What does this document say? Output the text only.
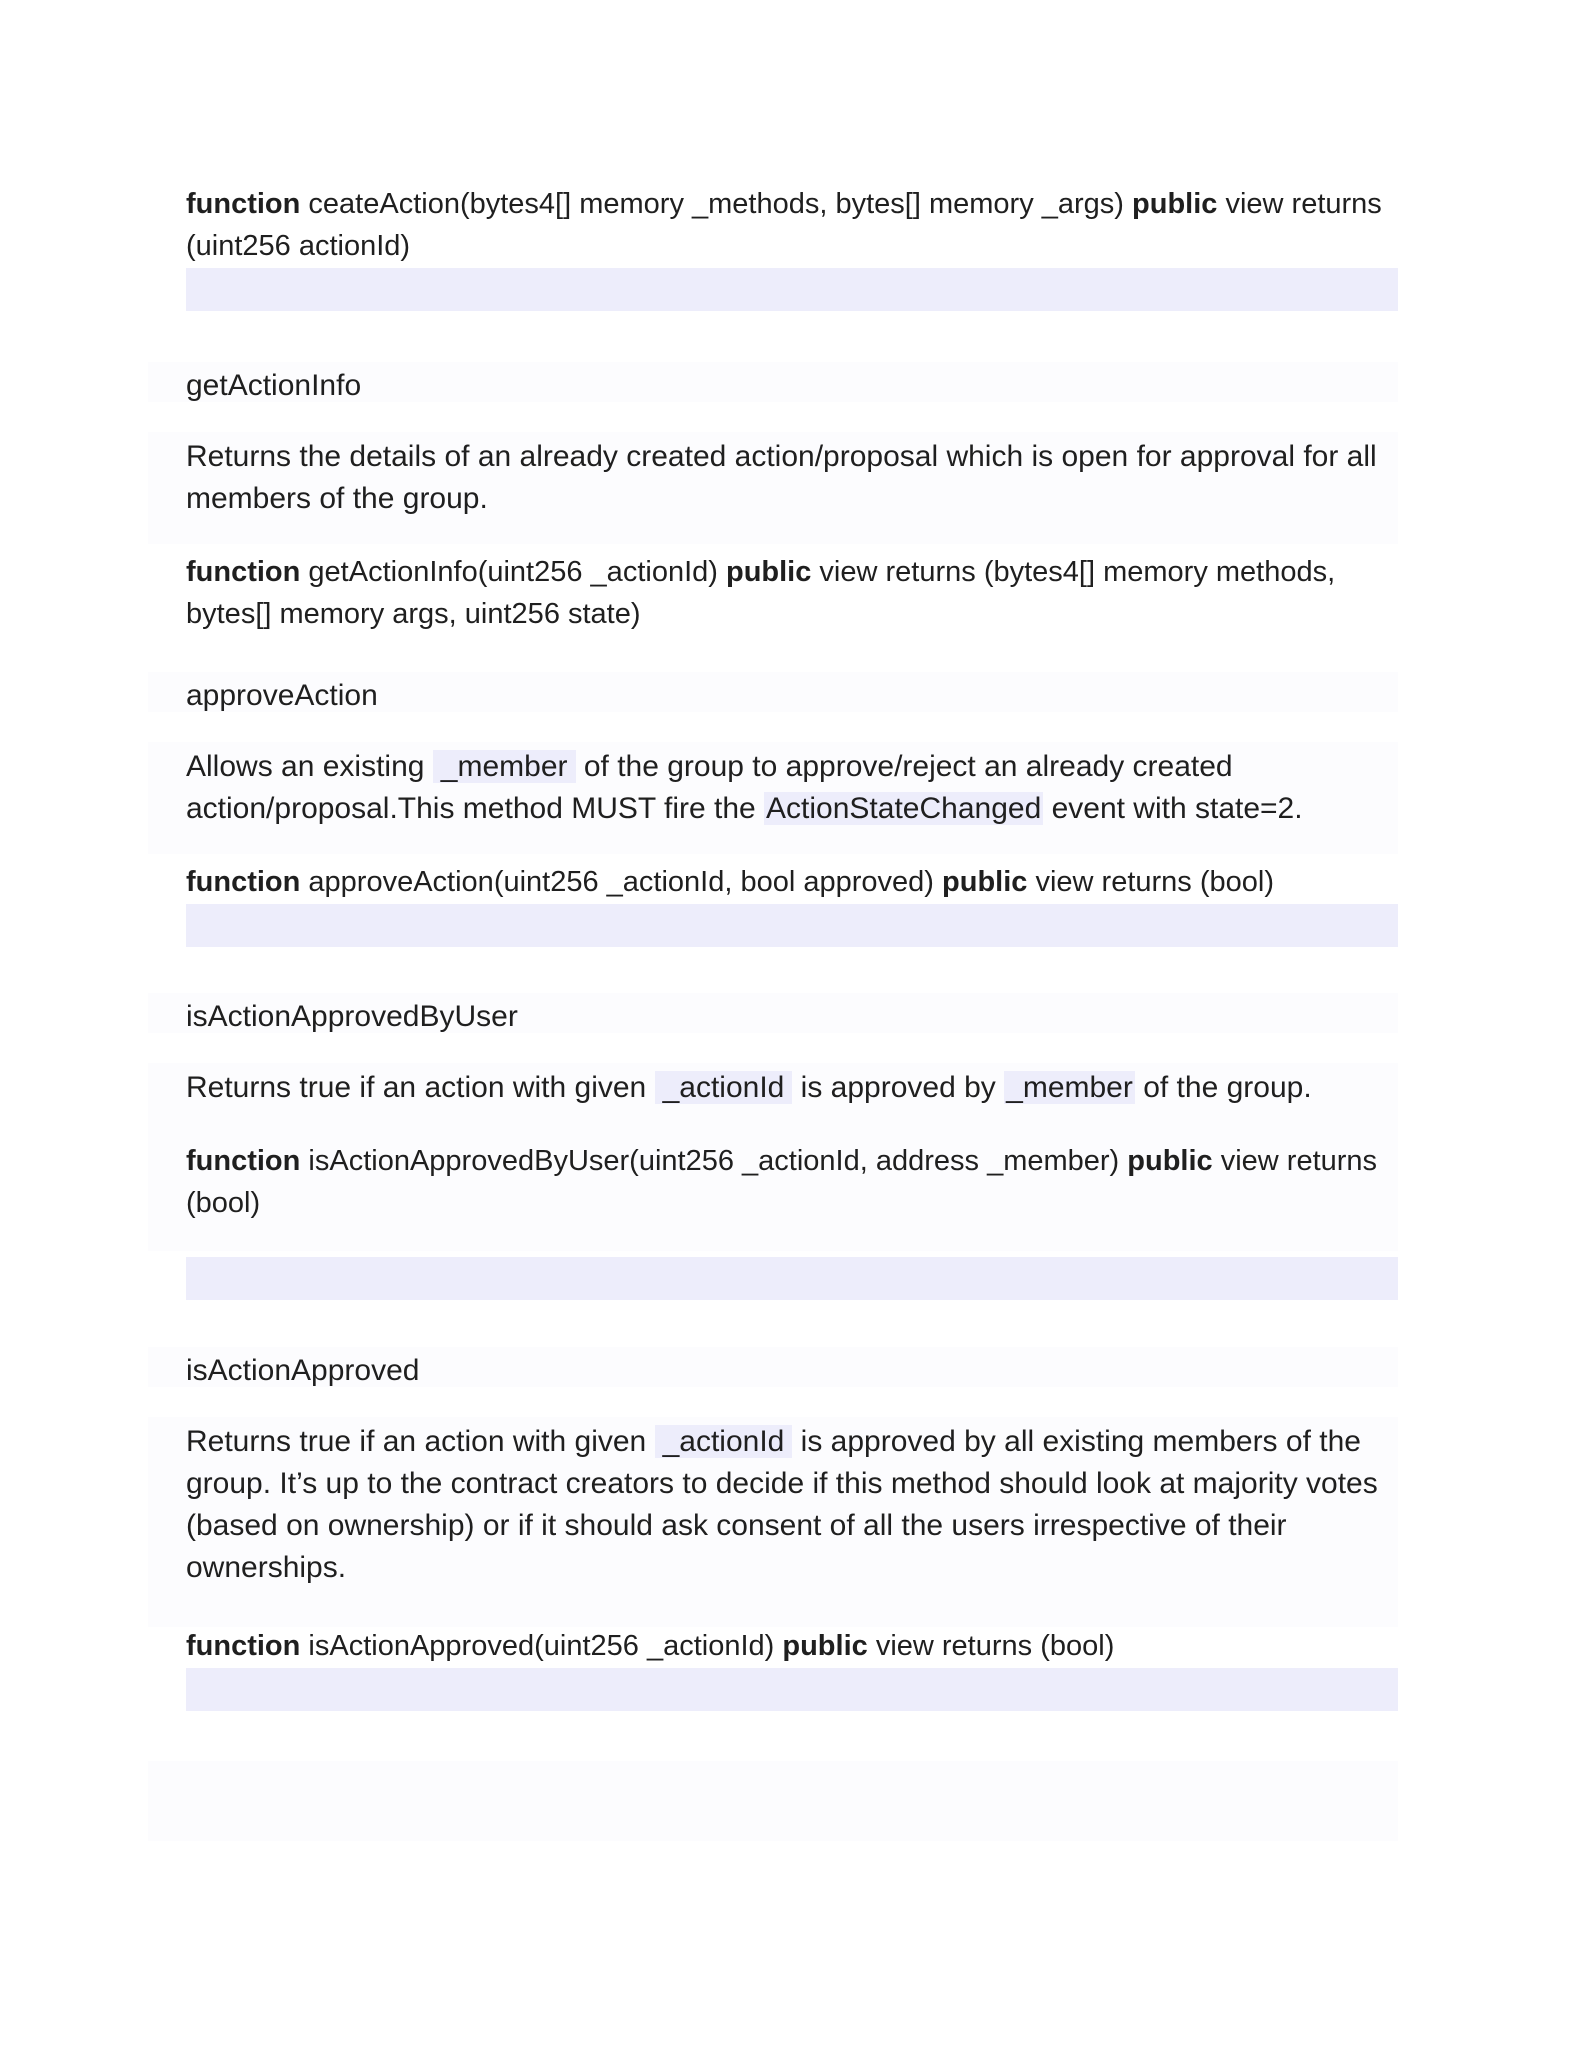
function ceateAction(bytes4[] memory _methods, bytes[] memory _args) public view returns (uint256 actionId)

getActionInfo

Returns the details of an already created action/proposal which is open for approval for all members of the group.

function getActionInfo(uint256 _actionId) public view returns (bytes4[] memory methods, bytes[] memory args, uint256 state)

approveAction

Allows an existing _member of the group to approve/reject an already created action/proposal.This method MUST fire the ActionStateChanged event with state=2.

function approveAction(uint256 _actionId, bool approved) public view returns (bool)

isActionApprovedByUser

Returns true if an action with given _actionId is approved by _member of the group.

function isActionApprovedByUser(uint256 _actionId, address _member) public view returns (bool)

isActionApproved

Returns true if an action with given _actionId is approved by all existing members of the group. It’s up to the contract creators to decide if this method should look at majority votes (based on ownership) or if it should ask consent of all the users irrespective of their ownerships.

function isActionApproved(uint256 _actionId) public view returns (bool)
